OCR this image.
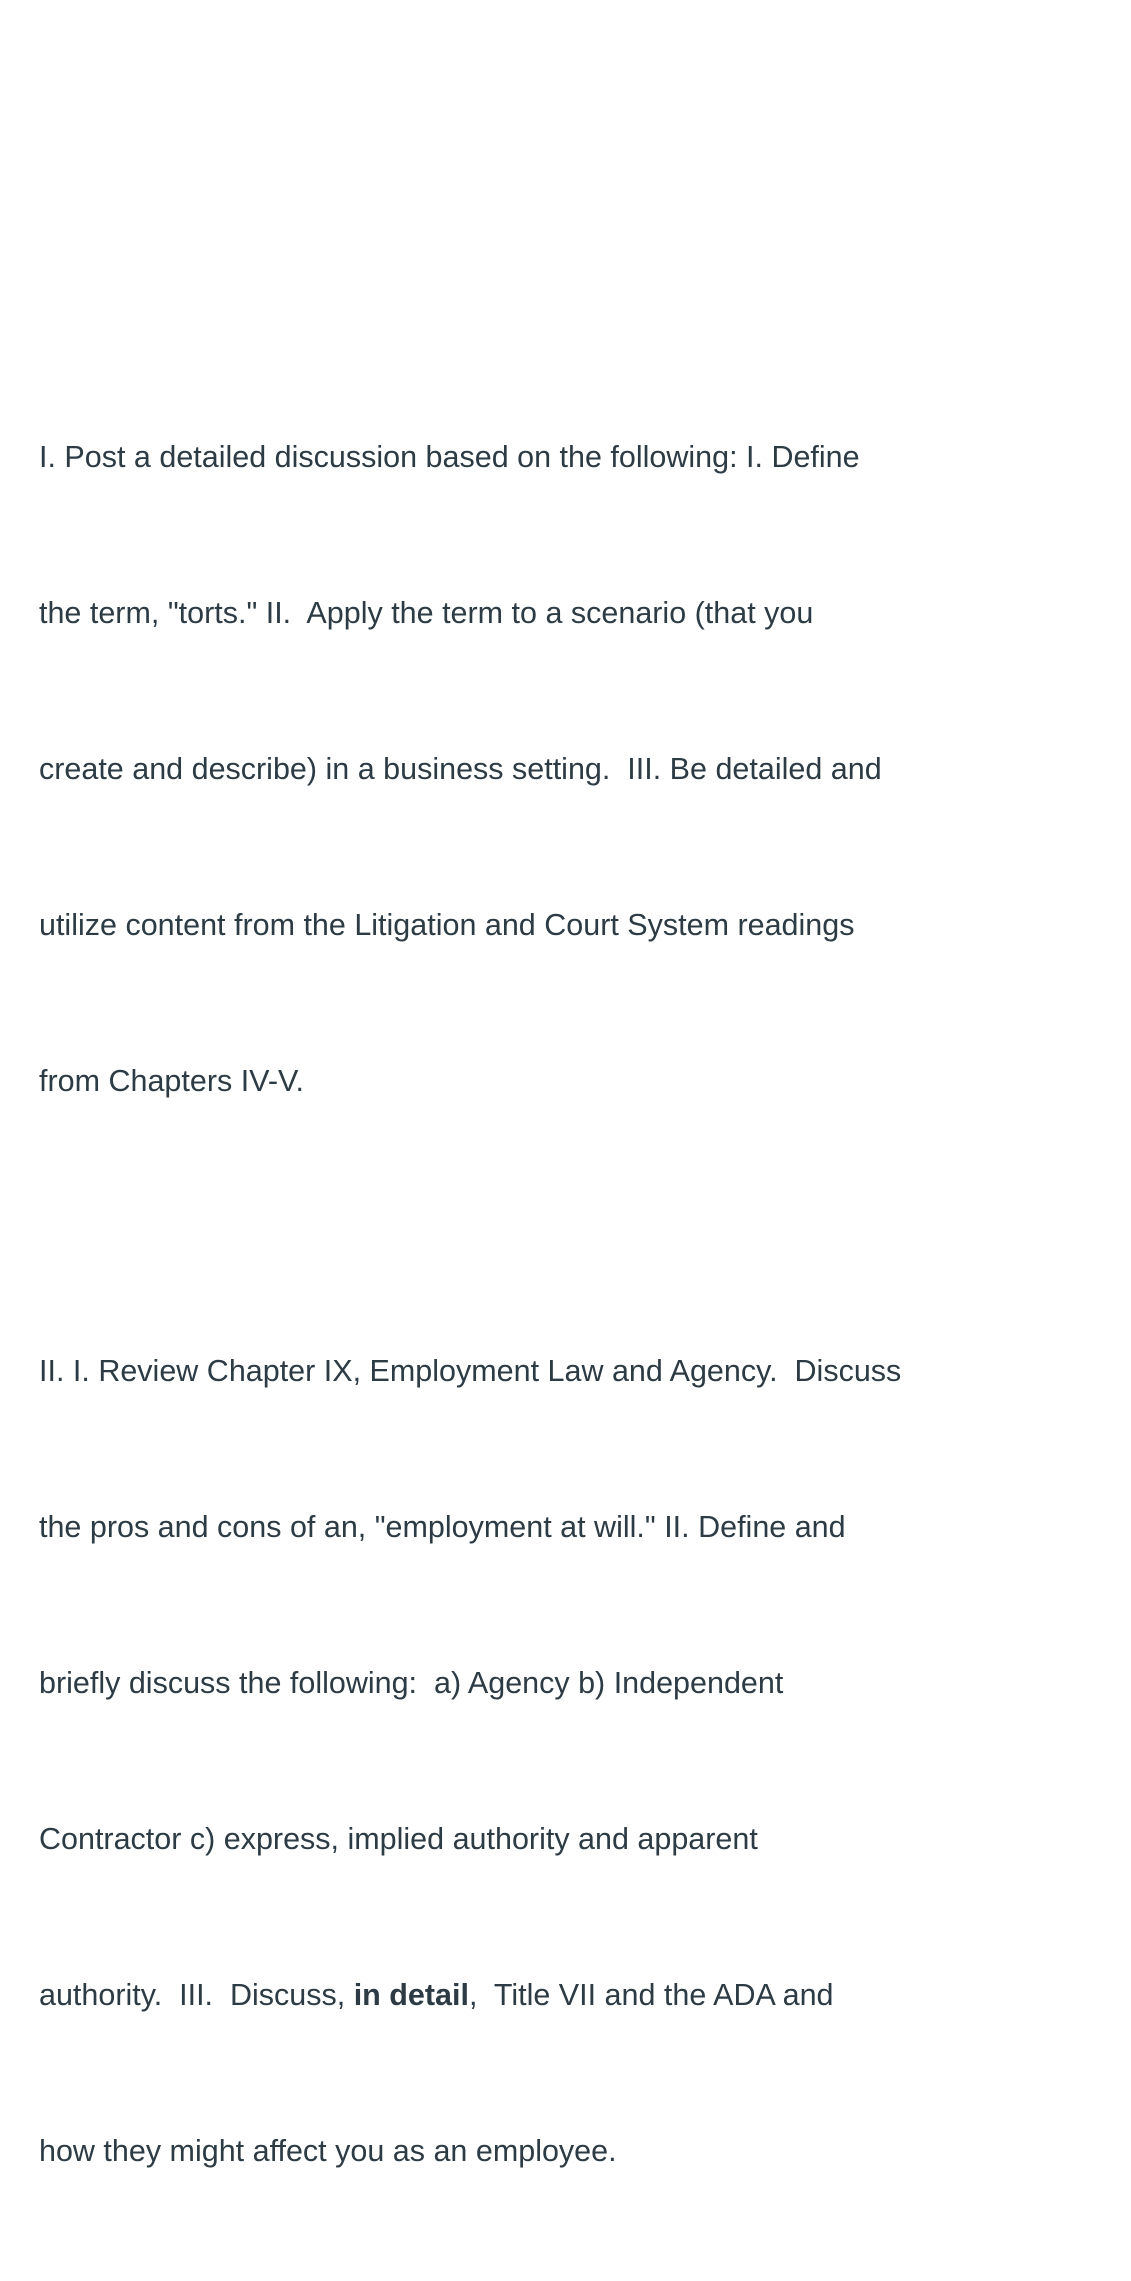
I. Post a detailed discussion based on the following: I. Define

the term, "torts." II.  Apply the term to a scenario (that you

create and describe) in a business setting.  III. Be detailed and

utilize content from the Litigation and Court System readings

from Chapters IV-V.

II. I. Review Chapter IX, Employment Law and Agency.  Discuss

the pros and cons of an, "employment at will." II. Define and

briefly discuss the following:  a) Agency b) Independent

Contractor c) express, implied authority and apparent

authority.  III.  Discuss, in detail,  Title VII and the ADA and

how they might affect you as an employee.
